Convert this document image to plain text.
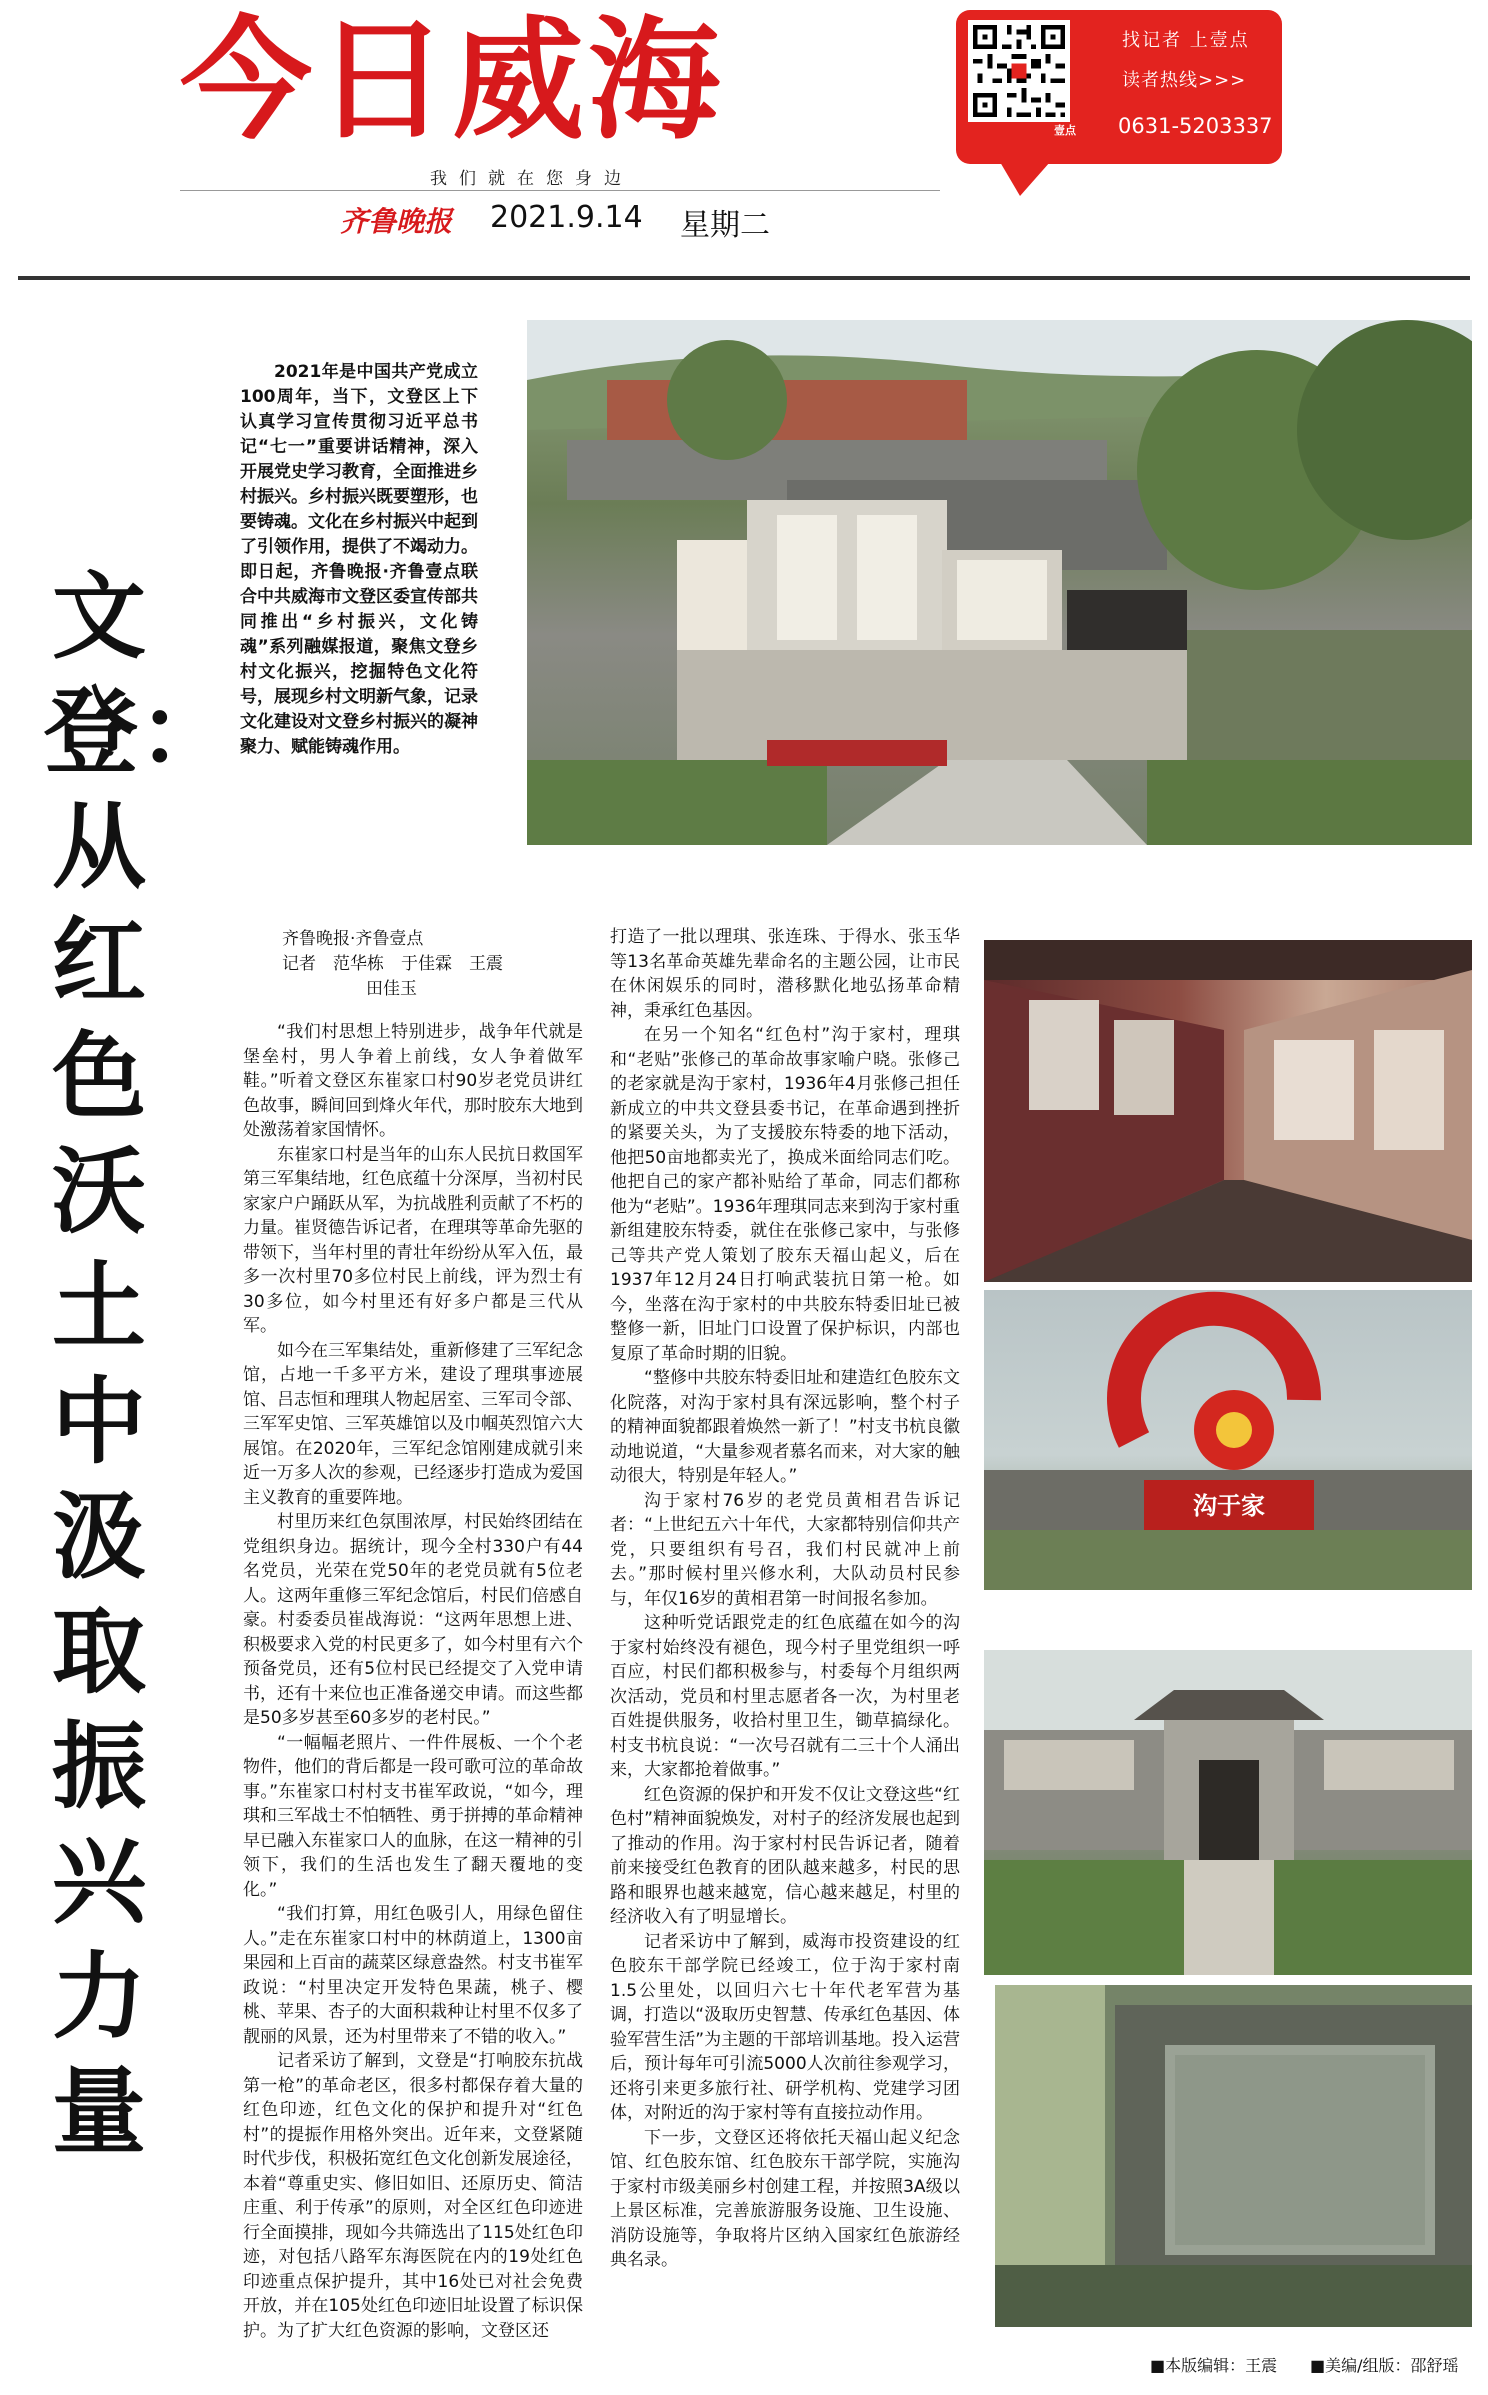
今日威海
我们就在您身边
齐鲁晚报 2021.9.14 星期二
壹点
找记者 上壹点
读者热线>>>
0631-5203337
文登：从红色沃土中汲取振兴力量
2021年是中国共产党成立100周年，当下，文登区上下认真学习宣传贯彻习近平总书记“七一”重要讲话精神，深入开展党史学习教育，全面推进乡村振兴。乡村振兴既要塑形，也要铸魂。文化在乡村振兴中起到了引领作用，提供了不竭动力。即日起，齐鲁晚报·齐鲁壹点联合中共威海市文登区委宣传部共同推出“乡村振兴，文化铸魂”系列融媒报道，聚焦文登乡村文化振兴，挖掘特色文化符号，展现乡村文明新气象，记录文化建设对文登乡村振兴的凝神聚力、赋能铸魂作用。
沟于家
齐鲁晚报·齐鲁壹点
记者　范华栋　于佳霖　王震
田佳玉

“我们村思想上特别进步，战争年代就是堡垒村，男人争着上前线，女人争着做军鞋。”听着文登区东崔家口村90岁老党员讲红色故事，瞬间回到烽火年代，那时胶东大地到处激荡着家国情怀。

东崔家口村是当年的山东人民抗日救国军第三军集结地，红色底蕴十分深厚，当初村民家家户户踊跃从军，为抗战胜利贡献了不朽的力量。崔贤德告诉记者，在理琪等革命先驱的带领下，当年村里的青壮年纷纷从军入伍，最多一次村里70多位村民上前线，评为烈士有30多位，如今村里还有好多户都是三代从军。

如今在三军集结处，重新修建了三军纪念馆，占地一千多平方米，建设了理琪事迹展馆、吕志恒和理琪人物起居室、三军司令部、三军军史馆、三军英雄馆以及巾帼英烈馆六大展馆。在2020年，三军纪念馆刚建成就引来近一万多人次的参观，已经逐步打造成为爱国主义教育的重要阵地。

村里历来红色氛围浓厚，村民始终团结在党组织身边。据统计，现今全村330户有44名党员，光荣在党50年的老党员就有5位老人。这两年重修三军纪念馆后，村民们倍感自豪。村委委员崔战海说：“这两年思想上进、积极要求入党的村民更多了，如今村里有六个预备党员，还有5位村民已经提交了入党申请书，还有十来位也正准备递交申请。而这些都是50多岁甚至60多岁的老村民。”

“一幅幅老照片、一件件展板、一个个老物件，他们的背后都是一段可歌可泣的革命故事。”东崔家口村村支书崔军政说，“如今，理琪和三军战士不怕牺牲、勇于拼搏的革命精神早已融入东崔家口人的血脉，在这一精神的引领下，我们的生活也发生了翻天覆地的变化。”

“我们打算，用红色吸引人，用绿色留住人。”走在东崔家口村中的林荫道上，1300亩果园和上百亩的蔬菜区绿意盎然。村支书崔军政说：“村里决定开发特色果蔬，桃子、樱桃、苹果、杏子的大面积栽种让村里不仅多了靓丽的风景，还为村里带来了不错的收入。”

记者采访了解到，文登是“打响胶东抗战第一枪”的革命老区，很多村都保存着大量的红色印迹，红色文化的保护和提升对“红色村”的提振作用格外突出。近年来，文登紧随时代步伐，积极拓宽红色文化创新发展途径，本着“尊重史实、修旧如旧、还原历史、简洁庄重、利于传承”的原则，对全区红色印迹进行全面摸排，现如今共筛选出了115处红色印迹，对包括八路军东海医院在内的19处红色印迹重点保护提升，其中16处已对社会免费开放，并在105处红色印迹旧址设置了标识保护。为了扩大红色资源的影响，文登区还

打造了一批以理琪、张连珠、于得水、张玉华等13名革命英雄先辈命名的主题公园，让市民在休闲娱乐的同时，潜移默化地弘扬革命精神，秉承红色基因。

在另一个知名“红色村”沟于家村，理琪和“老贴”张修己的革命故事家喻户晓。张修己的老家就是沟于家村，1936年4月张修己担任新成立的中共文登县委书记，在革命遇到挫折的紧要关头，为了支援胶东特委的地下活动，他把50亩地都卖光了，换成米面给同志们吃。他把自己的家产都补贴给了革命，同志们都称他为“老贴”。1936年理琪同志来到沟于家村重新组建胶东特委，就住在张修己家中，与张修己等共产党人策划了胶东天福山起义，后在1937年12月24日打响武装抗日第一枪。如今，坐落在沟于家村的中共胶东特委旧址已被整修一新，旧址门口设置了保护标识，内部也复原了革命时期的旧貌。

“整修中共胶东特委旧址和建造红色胶东文化院落，对沟于家村具有深远影响，整个村子的精神面貌都跟着焕然一新了！”村支书杭良徽动地说道，“大量参观者慕名而来，对大家的触动很大，特别是年轻人。”

沟于家村76岁的老党员黄相君告诉记者：“上世纪五六十年代，大家都特别信仰共产党，只要组织有号召，我们村民就冲上前去。”那时候村里兴修水利，大队动员村民参与，年仅16岁的黄相君第一时间报名参加。

这种听党话跟党走的红色底蕴在如今的沟于家村始终没有褪色，现今村子里党组织一呼百应，村民们都积极参与，村委每个月组织两次活动，党员和村里志愿者各一次，为村里老百姓提供服务，收拾村里卫生，锄草搞绿化。村支书杭良说：“一次号召就有二三十个人涌出来，大家都抢着做事。”

红色资源的保护和开发不仅让文登这些“红色村”精神面貌焕发，对村子的经济发展也起到了推动的作用。沟于家村村民告诉记者，随着前来接受红色教育的团队越来越多，村民的思路和眼界也越来越宽，信心越来越足，村里的经济收入有了明显增长。

记者采访中了解到，威海市投资建设的红色胶东干部学院已经竣工，位于沟于家村南1.5公里处，以回归六七十年代老军营为基调，打造以“汲取历史智慧、传承红色基因、体验军营生活”为主题的干部培训基地。投入运营后，预计每年可引流5000人次前往参观学习，还将引来更多旅行社、研学机构、党建学习团体，对附近的沟于家村等有直接拉动作用。

下一步，文登区还将依托天福山起义纪念馆、红色胶东馆、红色胶东干部学院，实施沟于家村市级美丽乡村创建工程，并按照3A级以上景区标准，完善旅游服务设施、卫生设施、消防设施等，争取将片区纳入国家红色旅游经典名录。

■本版编辑：王震 ■美编/组版：邵舒瑶
